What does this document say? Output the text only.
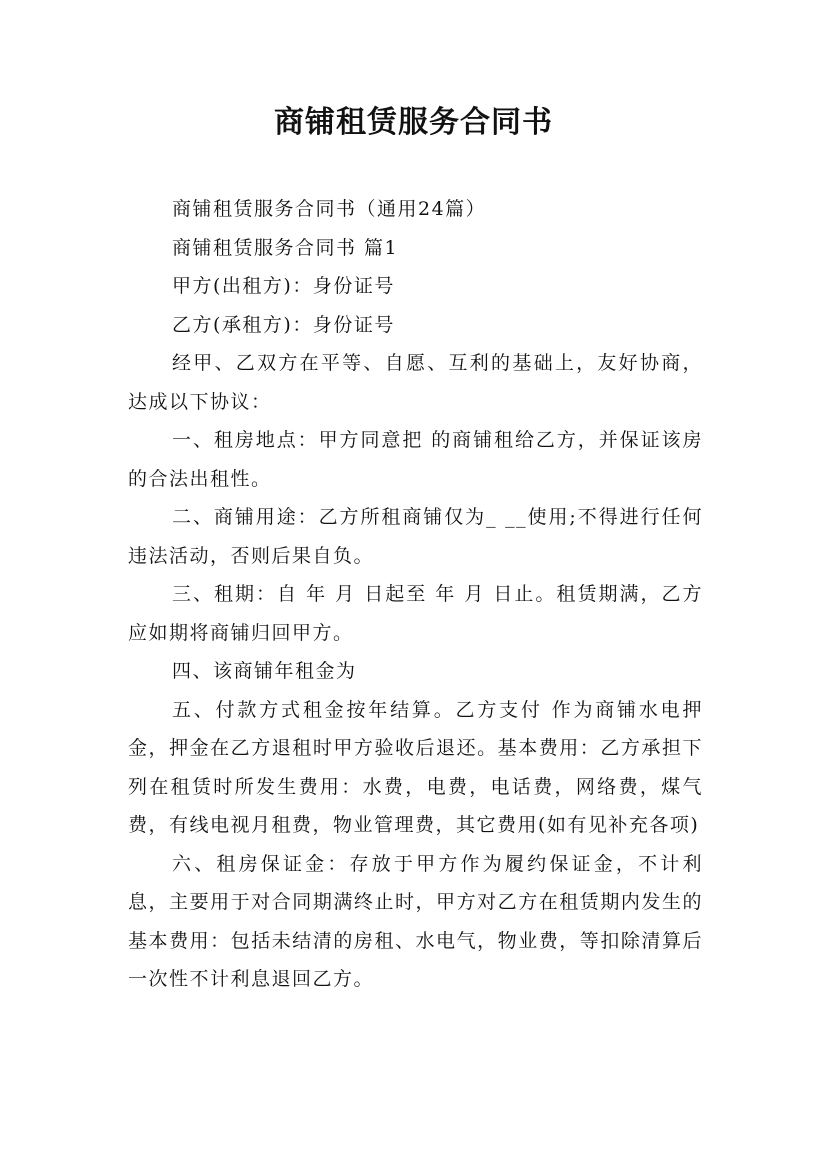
商铺租赁服务合同书

商铺租赁服务合同书（通用24篇）

商铺租赁服务合同书 篇1

甲方(出租方)：身份证号

乙方(承租方)：身份证号

经甲、乙双方在平等、自愿、互利的基础上，友好协商，达成以下协议：

一、租房地点：甲方同意把 的商铺租给乙方，并保证该房的合法出租性。

二、商铺用途：乙方所租商铺仅为_ __使用;不得进行任何违法活动，否则后果自负。

三、租期：自 年 月 日起至 年 月 日止。租赁期满，乙方应如期将商铺归回甲方。

四、该商铺年租金为

五、付款方式租金按年结算。乙方支付 作为商铺水电押金，押金在乙方退租时甲方验收后退还。基本费用：乙方承担下列在租赁时所发生费用：水费，电费，电话费，网络费，煤气费，有线电视月租费，物业管理费，其它费用(如有见补充各项)

六、租房保证金：存放于甲方作为履约保证金，不计利息，主要用于对合同期满终止时，甲方对乙方在租赁期内发生的基本费用：包括未结清的房租、水电气，物业费，等扣除清算后一次性不计利息退回乙方。
